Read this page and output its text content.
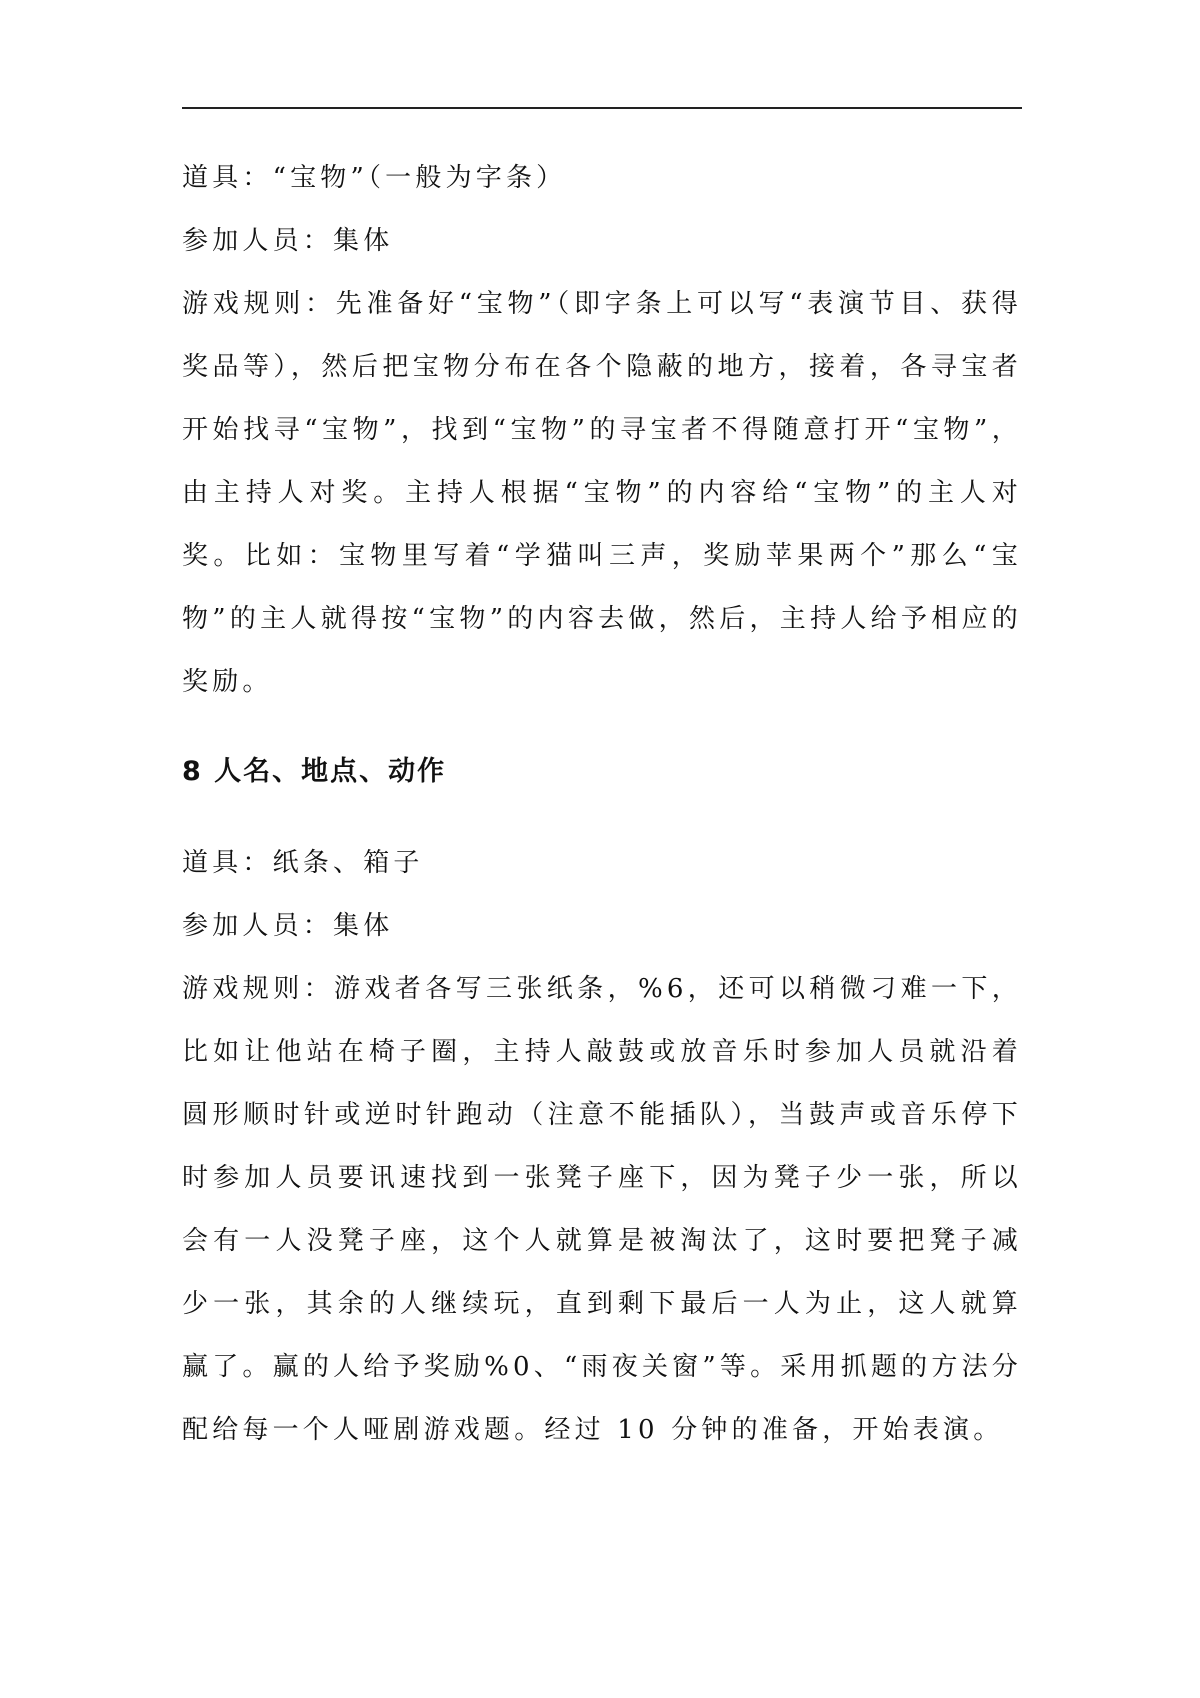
道具：“宝物”（一般为字条）

参加人员：集体

游戏规则：先准备好“宝物”（即字条上可以写“表演节目、获得奖品等），然后把宝物分布在各个隐蔽的地方，接着，各寻宝者开始找寻“宝物”，找到“宝物”的寻宝者不得随意打开“宝物”，由主持人对奖。主持人根据“宝物”的内容给“宝物”的主人对奖。比如：宝物里写着“学猫叫三声，奖励苹果两个”那么“宝物”的主人就得按“宝物”的内容去做，然后，主持人给予相应的奖励。

8 人名、地点、动作

道具：纸条、箱子

参加人员：集体

游戏规则：游戏者各写三张纸条，%6，还可以稍微刁难一下，比如让他站在椅子圈，主持人敲鼓或放音乐时参加人员就沿着圆形顺时针或逆时针跑动（注意不能插队），当鼓声或音乐停下时参加人员要讯速找到一张凳子座下，因为凳子少一张，所以会有一人没凳子座，这个人就算是被淘汰了，这时要把凳子减少一张，其余的人继续玩，直到剩下最后一人为止，这人就算赢了。赢的人给予奖励%0、“雨夜关窗”等。采用抓题的方法分配给每一个人哑剧游戏题。经过 10 分钟的准备，开始表演。
